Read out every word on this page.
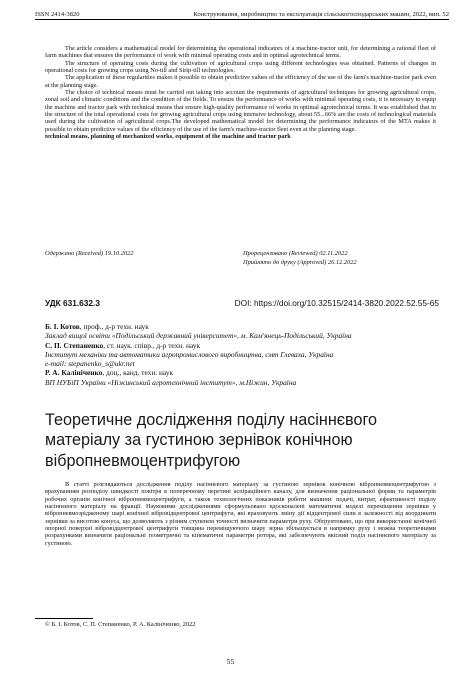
ISSN 2414-3820	Конструювання, виробництво та експлуатація сільськогосподарських машин, 2022, вип. 52

The article considers a mathematical model for determining the operational indicators of a machine-tractor unit, for determining a rational fleet of farm machines that ensures the performance of work with minimal operating costs and in optimal agrotechnical terms.

The structure of operating costs during the cultivation of agricultural crops using different technologies was obtained. Patterns of changes in operational costs for growing crops using No-till and Strip-till technologies.

The application of these regularities makes it possible to obtain predictive values of the efficiency of the use of the farm's machine-tractor park even at the planning stage.

The choice of technical means must be carried out taking into account the requirements of agricultural techniques for growing agricultural crops, zonal soil and climatic conditions and the condition of the fields. To ensure the performance of works with minimal operating costs, it is necessary to equip the machine and tractor park with technical means that ensure high-quality performance of works in optimal agrotechnical terms. It was established that in the structure of the total operational costs for growing agricultural crops using intensive technology, about 55...66% are the costs of technological materials used during the cultivation of agricultural crops.The developed mathematical model for determining the performance indicators of the MTA makes it possible to obtain predictive values of the efficiency of the use of the farm's machine-tractor fleet even at the planning stage.

technical means, planning of mechanized works, equipment of the machine and tractor park

Одержано (Received) 19.10.2022	Прорецензовано (Reviewed) 02.11.2022
Прийнято до друку (Approved) 26.12.2022
УДК 631.632.3	DOI: https://doi.org/10.32515/2414-3820.2022.52.55-65
Б. І. Котов, проф., д-р техн. наук
Заклад вищої освіти «Подільський державний університет», м. Кам'янець-Подільський, Україна
С. П. Степаненко, ст. наук. співр., д-р техн. наук
Інститут механіки та автоматики агропромислового виробництва, смт Глеваха, Україна
e-mail: stepanenko_s@ukr.net
Р. А. Калініченко, доц., канд. техн. наук
ВП НУБіП України «Ніжинський агротехнічний інститут», м.Ніжин, Україна
Теоретичне дослідження поділу насіннєвого матеріалу за густиною зернівок конічною вібропневмоцентрифугою

В статті розглядаються дослідження поділу насіннєвого матеріалу за густиною зернівок конічною вібропневмоцентрифугою з врахуванням розподілу швидкості повітря в поперечному перетині аспіраційного каналу, для визначення раціональної форми та параметрів робочих органів конічної вібропневмоцентрифуги, а також технологічних показників роботи машини: подачі, витрат, ефективності поділу насіннєвого матеріалу на фракції. Науковими дослідженнями сформульовано вдосконалені математичні моделі переміщення зернівки у вібропневмозрідженому шарі конічної вібровідцентрової центрифуги, які враховують зміну дії відцентрової сили в залежності від координати зернівки за висотою конуса, що дозволяють з різним ступенем точності визначити параметри руху. Обґрунтовано, що при використанні конічної опорної поверхні вібровідцентрової центрифуги товщина переміщуючого шару зерна збільшується в напрямку руху і можна теоретичними розрахунками визначити раціональні геометричні та кінематичні параметри ротора, які забезпечують якісний поділ насіннєвого матеріалу за густиною.

© Б. І. Котов, С. П. Степаненко, Р. А. Калініченко, 2022
55
